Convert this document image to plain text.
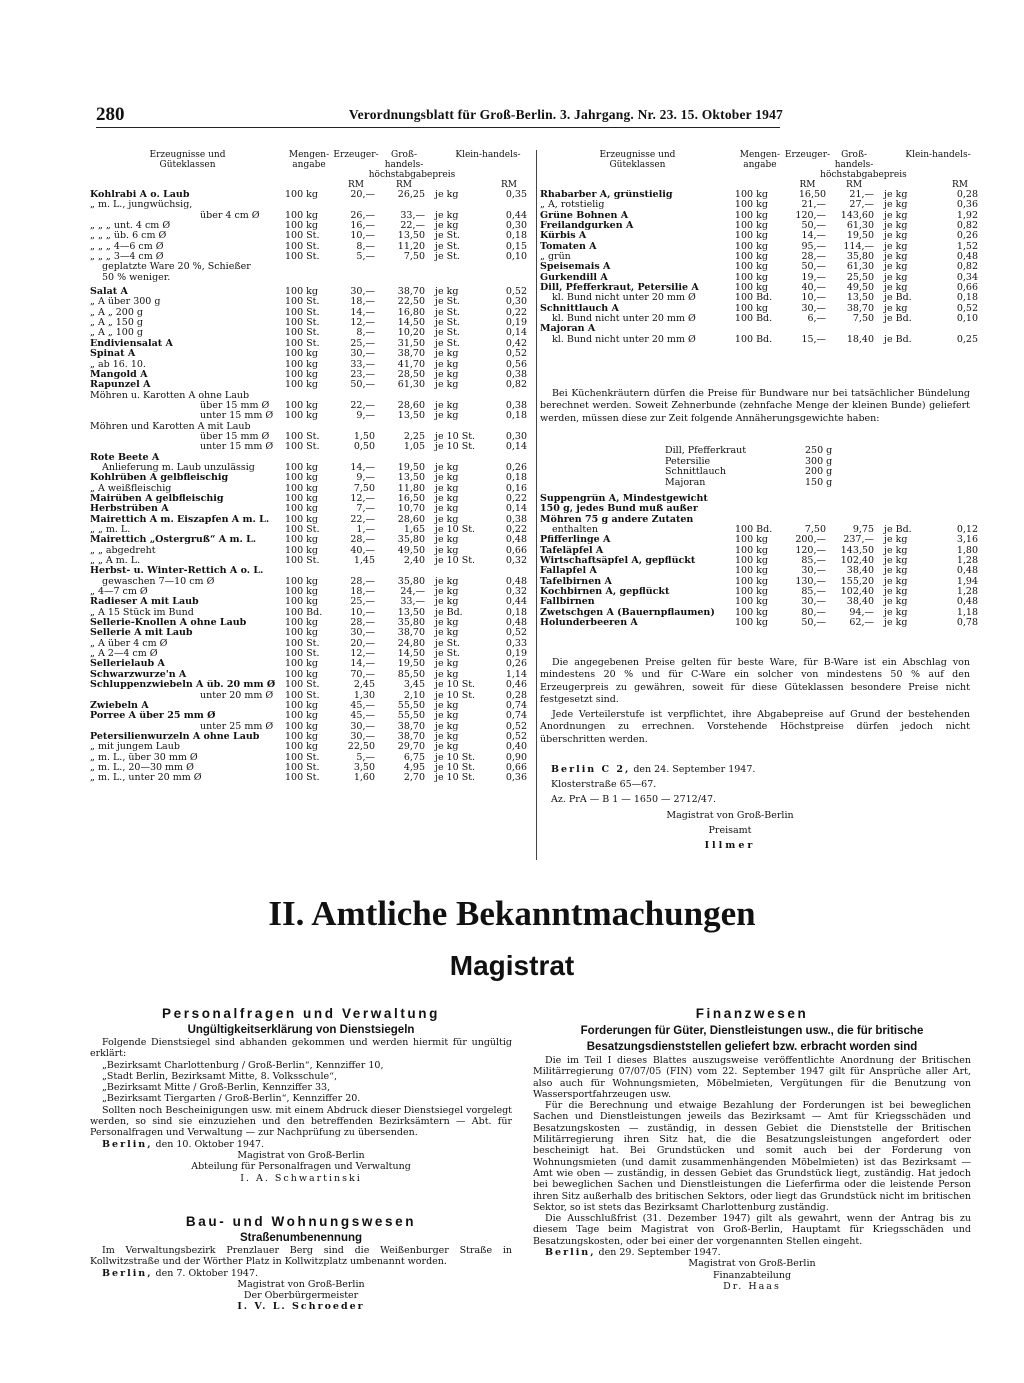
280	Verordnungsblatt für Groß-Berlin. 3. Jahrgang. Nr. 23. 15. Oktober 1947
Erzeugnisse und Güteklassen	Mengen-angabe	Erzeuger-	Groß-handels-	Klein-handels-	
		höchstabgabepreis			
		RM	RM		RM
Kohlrabi A o. Laub	100 kg	20,—	26,25	je kg	0,35
„ m. L., jungwüchsig,					
über 4 cm Ø	100 kg	26,—	33,—	je kg	0,44
„ „ „ unt. 4 cm Ø	100 kg	16,—	22,—	je kg	0,30
„ „ „ üb. 6 cm Ø	100 St.	10,—	13,50	je St.	0,18
„ „ „ 4—6 cm Ø	100 St.	8,—	11,20	je St.	0,15
„ „ „ 3—4 cm Ø	100 St.	5,—	7,50	je St.	0,10
geplatzte Ware 20 %, Schießer					
50 % weniger.					

Salat A	100 kg	30,—	38,70	je kg	0,52
„ A über 300 g	100 St.	18,—	22,50	je St.	0,30
„ A „ 200 g	100 St.	14,—	16,80	je St.	0,22
„ A „ 150 g	100 St.	12,—	14,50	je St.	0,19
„ A „ 100 g	100 St.	8,—	10,20	je St.	0,14
Endiviensalat A	100 St.	25,—	31,50	je St.	0,42
Spinat A	100 kg	30,—	38,70	je kg	0,52
„ ab 16. 10.	100 kg	33,—	41,70	je kg	0,56
Mangold A	100 kg	23,—	28,50	je kg	0,38
Rapunzel A	100 kg	50,—	61,30	je kg	0,82
Möhren u. Karotten A ohne Laub					
über 15 mm Ø	100 kg	22,—	28,60	je kg	0,38
unter 15 mm Ø	100 kg	9,—	13,50	je kg	0,18
Möhren und Karotten A mit Laub					
über 15 mm Ø	100 St.	1,50	2,25	je 10 St.	0,30
unter 15 mm Ø	100 St.	0,50	1,05	je 10 St.	0,14
Rote Beete A					
Anlieferung m. Laub unzulässig	100 kg	14,—	19,50	je kg	0,26
Kohlrüben A gelbfleischig	100 kg	9,—	13,50	je kg	0,18
„ A weißfleischig	100 kg	7,50	11,80	je kg	0,16
Mairüben A gelbfleischig	100 kg	12,—	16,50	je kg	0,22
Herbstrüben A	100 kg	7,—	10,70	je kg	0,14
Mairettich A m. Eiszapfen A m. L.	100 kg	22,—	28,60	je kg	0,38
„ „ m. L.	100 St.	1,—	1,65	je 10 St.	0,22
Mairettich „Ostergruß“ A m. L.	100 kg	28,—	35,80	je kg	0,48
„ „ abgedreht	100 kg	40,—	49,50	je kg	0,66
„ „ A m. L.	100 St.	1,45	2,40	je 10 St.	0,32
Herbst- u. Winter-Rettich A o. L.					
gewaschen 7—10 cm Ø	100 kg	28,—	35,80	je kg	0,48
„ 4—7 cm Ø	100 kg	18,—	24,—	je kg	0,32
Radieser A mit Laub	100 kg	25,—	33,—	je kg	0,44
„ A 15 Stück im Bund	100 Bd.	10,—	13,50	je Bd.	0,18
Sellerie-Knollen A ohne Laub	100 kg	28,—	35,80	je kg	0,48
Sellerie A mit Laub	100 kg	30,—	38,70	je kg	0,52
„ A über 4 cm Ø	100 St.	20,—	24,80	je St.	0,33
„ A 2—4 cm Ø	100 St.	12,—	14,50	je St.	0,19
Sellerielaub A	100 kg	14,—	19,50	je kg	0,26
Schwarzwurze'n A	100 kg	70,—	85,50	je kg	1,14
Schluppenzwiebeln A üb. 20 mm Ø	100 St.	2,45	3,45	je 10 St.	0,46
unter 20 mm Ø	100 St.	1,30	2,10	je 10 St.	0,28
Zwiebeln A	100 kg	45,—	55,50	je kg	0,74
Porree A über 25 mm Ø	100 kg	45,—	55,50	je kg	0,74
unter 25 mm Ø	100 kg	30,—	38,70	je kg	0,52
Petersilienwurzeln A ohne Laub	100 kg	30,—	38,70	je kg	0,52
„ mit jungem Laub	100 kg	22,50	29,70	je kg	0,40
„ m. L., über 30 mm Ø	100 St.	5,—	6,75	je 10 St.	0,90
„ m. L., 20—30 mm Ø	100 St.	3,50	4,95	je 10 St.	0,66
„ m. L., unter 20 mm Ø	100 St.	1,60	2,70	je 10 St.	0,36
Erzeugnisse und Güteklassen	Mengen-angabe	Erzeuger-	Groß-handels-	Klein-handels-	
		höchstabgabepreis			
		RM	RM		RM
Rhabarber A, grünstielig	100 kg	16,50	21,—	je kg	0,28
„ A, rotstielig	100 kg	21,—	27,—	je kg	0,36
Grüne Bohnen A	100 kg	120,—	143,60	je kg	1,92
Freilandgurken A	100 kg	50,—	61,30	je kg	0,82
Kürbis A	100 kg	14,—	19,50	je kg	0,26
Tomaten A	100 kg	95,—	114,—	je kg	1,52
„ grün	100 kg	28,—	35,80	je kg	0,48
Speisemais A	100 kg	50,—	61,30	je kg	0,82
Gurkendill A	100 kg	19,—	25,50	je kg	0,34
Dill, Pfefferkraut, Petersilie A	100 kg	40,—	49,50	je kg	0,66
kl. Bund nicht unter 20 mm Ø	100 Bd.	10,—	13,50	je Bd.	0,18
Schnittlauch A	100 kg	30,—	38,70	je kg	0,52
kl. Bund nicht unter 20 mm Ø	100 Bd.	6,—	7,50	je Bd.	0,10
Majoran A					
kl. Bund nicht unter 20 mm Ø	100 Bd.	15,—	18,40	je Bd.	0,25

Bei Küchenkräutern dürfen die Preise für Bundware nur bei tatsächlicher Bündelung berechnet werden. Soweit Zehnerbunde (zehnfache Menge der kleinen Bunde) geliefert werden, müssen diese zur Zeit folgende Annäherungsgewichte haben:

Dill, Pfefferkraut	250 g
Petersilie	300 g
Schnittlauch	200 g
Majoran	150 g
Suppengrün A, Mindestgewicht					
150 g, jedes Bund muß außer					
Möhren 75 g andere Zutaten					
enthalten	100 Bd.	7,50	9,75	je Bd.	0,12
Pfifferlinge A	100 kg	200,—	237,—	je kg	3,16
Tafeläpfel A	100 kg	120,—	143,50	je kg	1,80
Wirtschaftsäpfel A, gepflückt	100 kg	85,—	102,40	je kg	1,28
Fallapfel A	100 kg	30,—	38,40	je kg	0,48
Tafelbirnen A	100 kg	130,—	155,20	je kg	1,94
Kochbirnen A, gepflückt	100 kg	85,—	102,40	je kg	1,28
Fallbirnen	100 kg	30,—	38,40	je kg	0,48
Zwetschgen A (Bauernpflaumen)	100 kg	80,—	94,—	je kg	1,18
Holunderbeeren A	100 kg	50,—	62,—	je kg	0,78

Die angegebenen Preise gelten für beste Ware, für B-Ware ist ein Abschlag von mindestens 20 % und für C-Ware ein solcher von mindestens 50 % auf den Erzeugerpreis zu gewähren, soweit für diese Güteklassen besondere Preise nicht festgesetzt sind.

Jede Verteilerstufe ist verpflichtet, ihre Abgabepreise auf Grund der bestehenden Anordnungen zu errechnen. Vorstehende Höchstpreise dürfen jedoch nicht überschritten werden.

Berlin C 2, den 24. September 1947.
Klosterstraße 65—67.
Az. PrA — B 1 — 1650 — 2712/47.
Magistrat von Groß-Berlin
Preisamt
Illmer
II. Amtliche Bekanntmachungen
Magistrat
Personalfragen und Verwaltung
Ungültigkeitserklärung von Dienstsiegeln

Folgende Dienstsiegel sind abhanden gekommen und werden hiermit für ungültig erklärt:

„Bezirksamt Charlottenburg / Groß-Berlin“, Kennziffer 10,
„Stadt Berlin, Bezirksamt Mitte, 8. Volksschule“,
„Bezirksamt Mitte / Groß-Berlin, Kennziffer 33,
„Bezirksamt Tiergarten / Groß-Berlin“, Kennziffer 20.

Sollten noch Bescheinigungen usw. mit einem Abdruck dieser Dienstsiegel vorgelegt werden, so sind sie einzuziehen und den betreffenden Bezirksämtern — Abt. für Personalfragen und Verwaltung — zur Nachprüfung zu übersenden.

Berlin, den 10. Oktober 1947.

Magistrat von Groß-Berlin

Abteilung für Personalfragen und Verwaltung

I. A. Schwartinski

Bau- und Wohnungswesen
Straßenumbenennung

Im Verwaltungsbezirk Prenzlauer Berg sind die Weißenburger Straße in Kollwitzstraße und der Wörther Platz in Kollwitzplatz umbenannt worden.

Berlin, den 7. Oktober 1947.

Magistrat von Groß-Berlin

Der Oberbürgermeister

I. V. L. Schroeder

Finanzwesen
Forderungen für Güter, Dienstleistungen usw., die für britische Besatzungsdienststellen geliefert bzw. erbracht worden sind

Die im Teil I dieses Blattes auszugsweise veröffentlichte Anordnung der Britischen Militärregierung 07/07/05 (FIN) vom 22. September 1947 gilt für Ansprüche aller Art, also auch für Wohnungsmieten, Möbelmieten, Vergütungen für die Benutzung von Wassersportfahrzeugen usw.

Für die Berechnung und etwaige Bezahlung der Forderungen ist bei beweglichen Sachen und Dienstleistungen jeweils das Bezirksamt — Amt für Kriegsschäden und Besatzungskosten — zuständig, in dessen Gebiet die Dienststelle der Britischen Militärregierung ihren Sitz hat, die die Besatzungsleistungen angefordert oder bescheinigt hat. Bei Grundstücken und somit auch bei der Forderung von Wohnungsmieten (und damit zusammenhängenden Möbelmieten) ist das Bezirksamt — Amt wie oben — zuständig, in dessen Gebiet das Grundstück liegt, zuständig. Hat jedoch bei beweglichen Sachen und Dienstleistungen die Lieferfirma oder die leistende Person ihren Sitz außerhalb des britischen Sektors, oder liegt das Grundstück nicht im britischen Sektor, so ist stets das Bezirksamt Charlottenburg zuständig.

Die Ausschlußfrist (31. Dezember 1947) gilt als gewahrt, wenn der Antrag bis zu diesem Tage beim Magistrat von Groß-Berlin, Hauptamt für Kriegsschäden und Besatzungskosten, oder bei einer der vorgenannten Stellen eingeht.

Berlin, den 29. September 1947.

Magistrat von Groß-Berlin

Finanzabteilung

Dr. Haas
